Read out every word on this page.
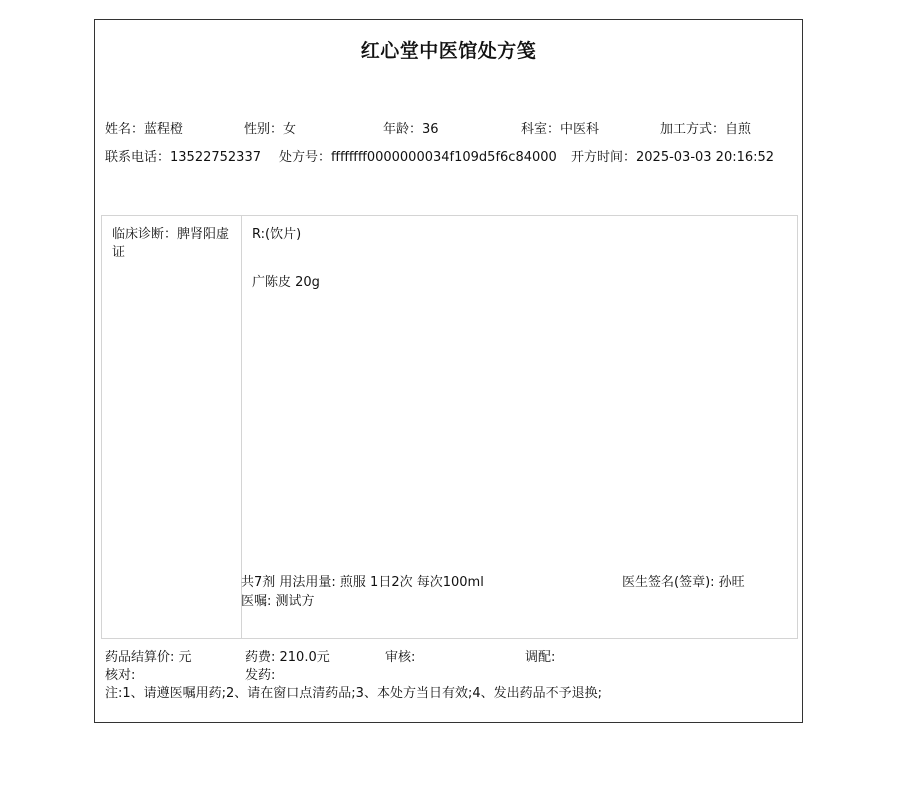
红心堂中医馆处方笺
姓名：蓝程橙	性别：女	年龄：36	科室：中医科	加工方式：自煎
联系电话：13522752337 处方号：ffffffff0000000034f109d5f6c84000 开方时间：2025-03-03 20:16:52
临床诊断：脾肾阳虚证
R:(饮片)
广陈皮 20g
共7剂 用法用量: 煎服 1日2次 每次100ml
医嘱: 测试方
医生签名(签章): 孙旺
药品结算价: 元	药费: 210.0元	审核:	调配:
核对:	发药:
注:1、请遵医嘱用药;2、请在窗口点清药品;3、本处方当日有效;4、发出药品不予退换;
